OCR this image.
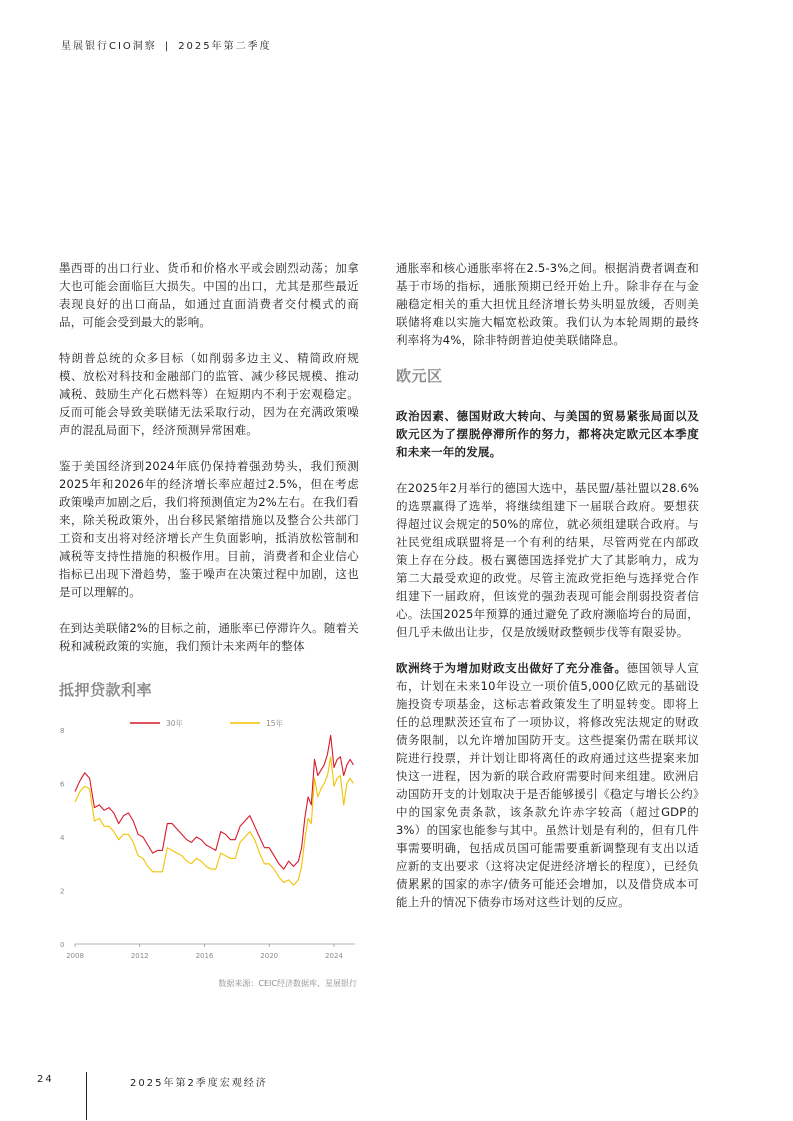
星展银行CIO洞察 | 2025年第二季度

墨西哥的出口行业、货币和价格水平或会剧烈动荡；加拿大也可能会面临巨大损失。中国的出口，尤其是那些最近表现良好的出口商品，如通过直面消费者交付模式的商品，可能会受到最大的影响。

特朗普总统的众多目标（如削弱多边主义、精简政府规模、放松对科技和金融部门的监管、减少移民规模、推动减税、鼓励生产化石燃料等）在短期内不利于宏观稳定。反而可能会导致美联储无法采取行动，因为在充满政策噪声的混乱局面下，经济预测异常困难。

鉴于美国经济到2024年底仍保持着强劲势头，我们预测2025年和2026年的经济增长率应超过2.5%，但在考虑政策噪声加剧之后，我们将预测值定为2%左右。在我们看来，除关税政策外，出台移民紧缩措施以及整合公共部门工资和支出将对经济增长产生负面影响，抵消放松管制和减税等支持性措施的积极作用。目前，消费者和企业信心指标已出现下滑趋势，鉴于噪声在决策过程中加剧，这也是可以理解的。

在到达美联储2%的目标之前，通胀率已停滞许久。随着关税和减税政策的实施，我们预计未来两年的整体

抵押贷款利率
0
2
4
6
8
2008	2012	2016	2020	2024
30年	15年
数据来源：CEIC经济数据库、星展银行

通胀率和核心通胀率将在2.5-3%之间。根据消费者调查和基于市场的指标，通胀预期已经开始上升。除非存在与金融稳定相关的重大担忧且经济增长势头明显放缓，否则美联储将难以实施大幅宽松政策。我们认为本轮周期的最终利率将为4%，除非特朗普迫使美联储降息。

欧元区

政治因素、德国财政大转向、与美国的贸易紧张局面以及欧元区为了摆脱停滞所作的努力，都将决定欧元区本季度和未来一年的发展。

在2025年2月举行的德国大选中，基民盟/基社盟以28.6%的选票赢得了选举，将继续组建下一届联合政府。要想获得超过议会规定的50%的席位，就必须组建联合政府。与社民党组成联盟将是一个有利的结果，尽管两党在内部政策上存在分歧。极右翼德国选择党扩大了其影响力，成为第二大最受欢迎的政党。尽管主流政党拒绝与选择党合作组建下一届政府，但该党的强劲表现可能会削弱投资者信心。法国2025年预算的通过避免了政府濒临垮台的局面，但几乎未做出让步，仅是放缓财政整顿步伐等有限妥协。

欧洲终于为增加财政支出做好了充分准备。德国领导人宣布，计划在未来10年设立一项价值5,000亿欧元的基础设施投资专项基金，这标志着政策发生了明显转变。即将上任的总理默茨还宣布了一项协议，将修改宪法规定的财政债务限制，以允许增加国防开支。这些提案仍需在联邦议院进行投票，并计划让即将离任的政府通过这些提案来加快这一进程，因为新的联合政府需要时间来组建。欧洲启动国防开支的计划取决于是否能够援引《稳定与增长公约》中的国家免责条款，该条款允许赤字较高（超过GDP的3%）的国家也能参与其中。虽然计划是有利的，但有几件事需要明确，包括成员国可能需要重新调整现有支出以适应新的支出要求（这将决定促进经济增长的程度），已经负债累累的国家的赤字/债务可能还会增加，以及借贷成本可能上升的情况下债券市场对这些计划的反应。

24	2025年第2季度宏观经济
